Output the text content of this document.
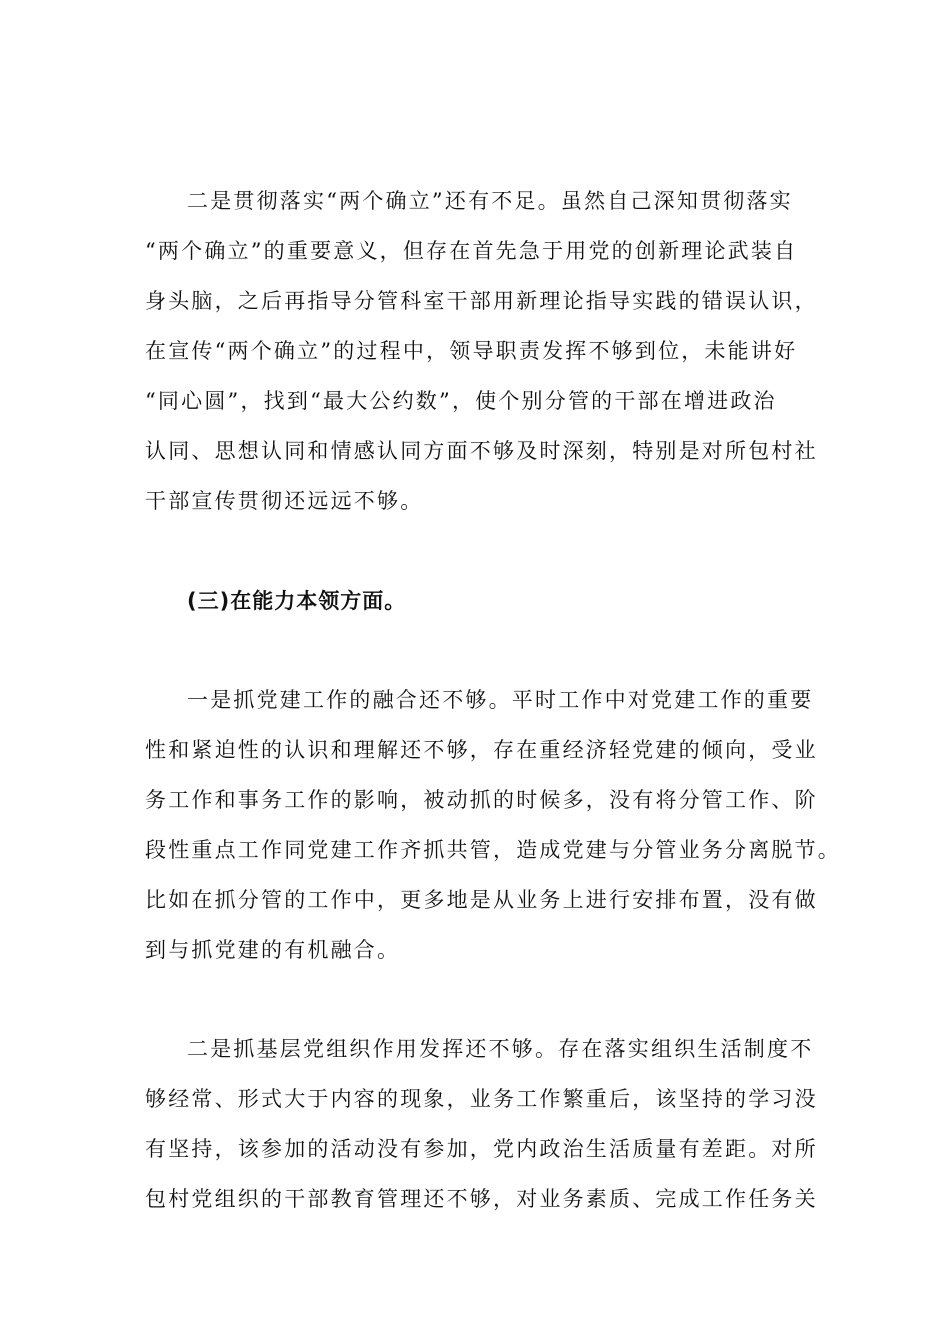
二是贯彻落实“两个确立”还有不足。虽然自己深知贯彻落实
“两个确立”的重要意义，但存在首先急于用党的创新理论武装自
身头脑，之后再指导分管科室干部用新理论指导实践的错误认识，
在宣传“两个确立”的过程中，领导职责发挥不够到位，未能讲好
“同心圆”，找到“最大公约数”，使个别分管的干部在增进政治
认同、思想认同和情感认同方面不够及时深刻，特别是对所包村社
干部宣传贯彻还远远不够。
(三)在能力本领方面。
一是抓党建工作的融合还不够。平时工作中对党建工作的重要
性和紧迫性的认识和理解还不够，存在重经济轻党建的倾向，受业
务工作和事务工作的影响，被动抓的时候多，没有将分管工作、阶
段性重点工作同党建工作齐抓共管，造成党建与分管业务分离脱节。
比如在抓分管的工作中，更多地是从业务上进行安排布置，没有做
到与抓党建的有机融合。
二是抓基层党组织作用发挥还不够。存在落实组织生活制度不
够经常、形式大于内容的现象，业务工作繁重后，该坚持的学习没
有坚持，该参加的活动没有参加，党内政治生活质量有差距。对所
包村党组织的干部教育管理还不够，对业务素质、完成工作任务关
